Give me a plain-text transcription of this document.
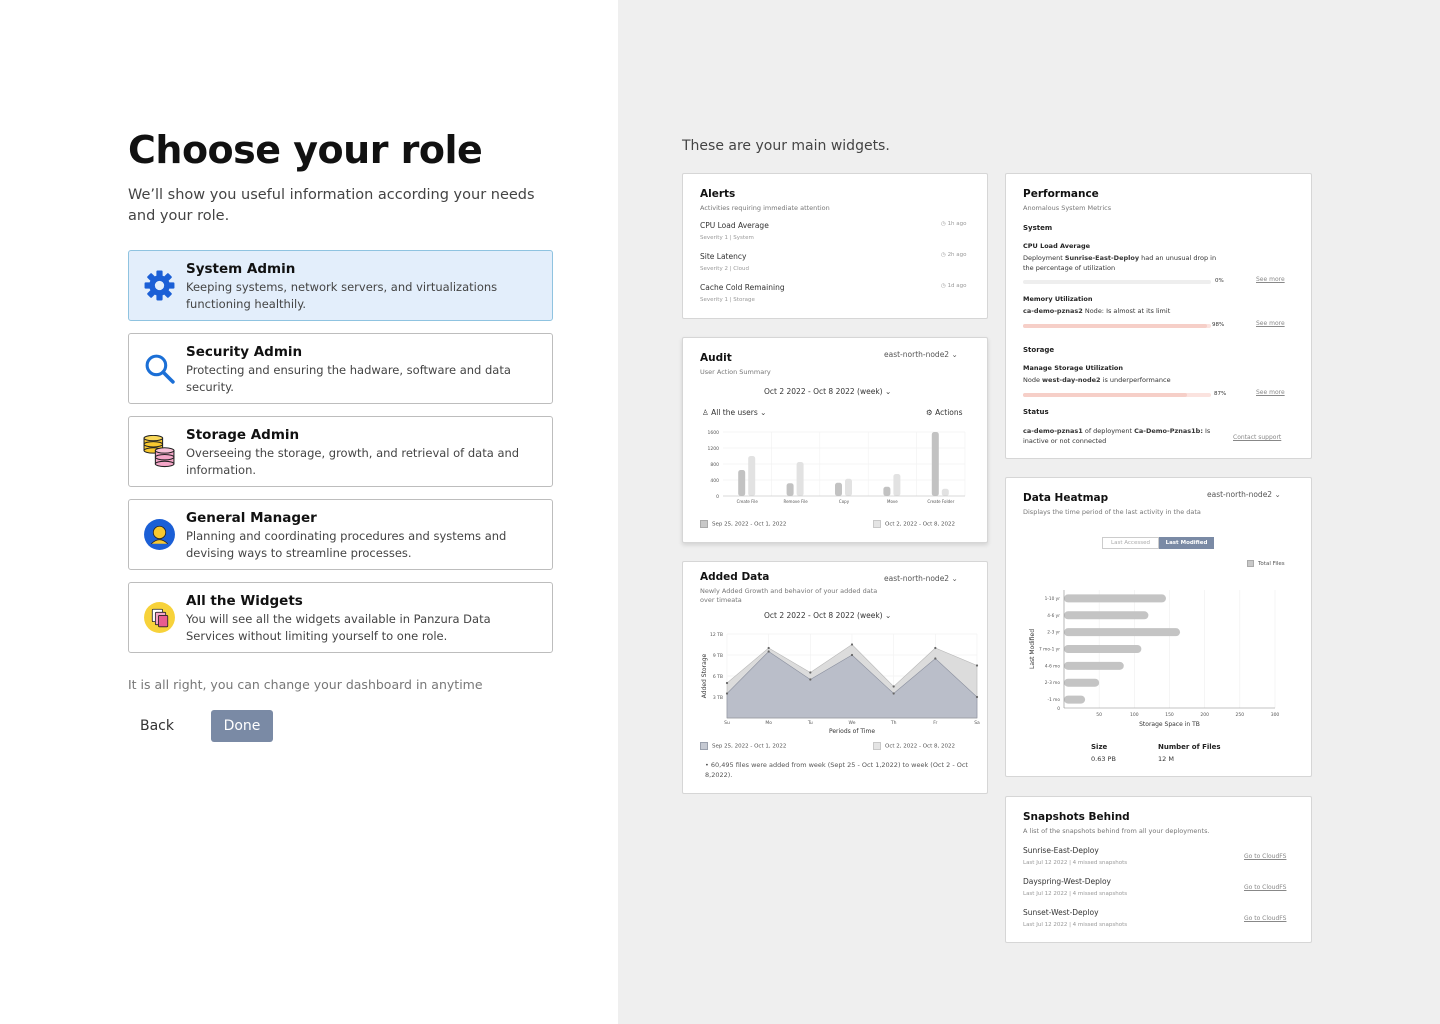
Choose your role

We’ll show you useful information according your needs and your role.

System Admin
Keeping systems, network servers, and virtualizations functioning healthily.
Security Admin
Protecting and ensuring the hadware, software and data security.
Storage Admin
Overseeing the storage, growth, and retrieval of data and information.
General Manager
Planning and coordinating procedures and systems and devising ways to streamline processes.
All the Widgets
You will see all the widgets available in Panzura Data Services without limiting yourself to one role.

It is all right, you can change your dashboard in anytime

Back	Done
These are your main widgets.
Alerts
Activities requiring immediate attention
CPU Load Average
Severity 1 | System
◷ 1h ago
Site Latency
Severity 2 | Cloud
◷ 2h ago
Cache Cold Remaining
Severity 1 | Storage
◷ 1d ago
Audit
User Action Summary
east-north-node2 ⌄
Oct 2 2022 - Oct 8 2022 (week) ⌄
♙ All the users ⌄	⚙ Actions
1600
1200
800
400
0
Create File	Remove File	Copy	Move	Create Folder
Sep 25, 2022 - Oct 1, 2022	Oct 2, 2022 - Oct 8, 2022
Added Data
Newly Added Growth and behavior of your added data over timeata
east-north-node2 ⌄
Oct 2 2022 - Oct 8 2022 (week) ⌄
12 TB
9 TB
6 TB
3 TB
Su	Mo	Tu	We	Th	Fr	Sa
Periods of Time
Added Storage
Sep 25, 2022 - Oct 1, 2022	Oct 2, 2022 - Oct 8, 2022
• 60,495 files were added from week (Sept 25 - Oct 1,2022) to week (Oct 2 - Oct 8,2022).
Performance
Anomalous System Metrics
System
CPU Load Average
Deployment Sunrise-East-Deploy had an unusual drop in the percentage of utilization
0%	See more
Memory Utilization
ca-demo-pznas2 Node: Is almost at its limit
98%	See more
Storage
Manage Storage Utilization
Node west-day-node2 is underperformance
87%	See more
Status
ca-demo-pznas1 of deployment Ca-Demo-Pznas1b: Is inactive or not connected	Contact support
Data Heatmap
Displays the time period of the last activity in the data
east-north-node2 ⌄
Last Accessed	Last Modified
Total Files
50	100	150	200	250	300
1-10 yr
4-6 yr
2-3 yr
7 mo-1 yr
4-6 mo
2-3 mo
-1 mo
0
Storage Space in TB
Last Modified
Size
0.63 PB
Number of Files
12 M
Snapshots Behind
A list of the snapshots behind from all your deployments.
Sunrise-East-Deploy
Last Jul 12 2022 | 4 missed snapshots
Go to CloudFS
Dayspring-West-Deploy
Last Jul 12 2022 | 4 missed snapshots
Go to CloudFS
Sunset-West-Deploy
Last Jul 12 2022 | 4 missed snapshots
Go to CloudFS
